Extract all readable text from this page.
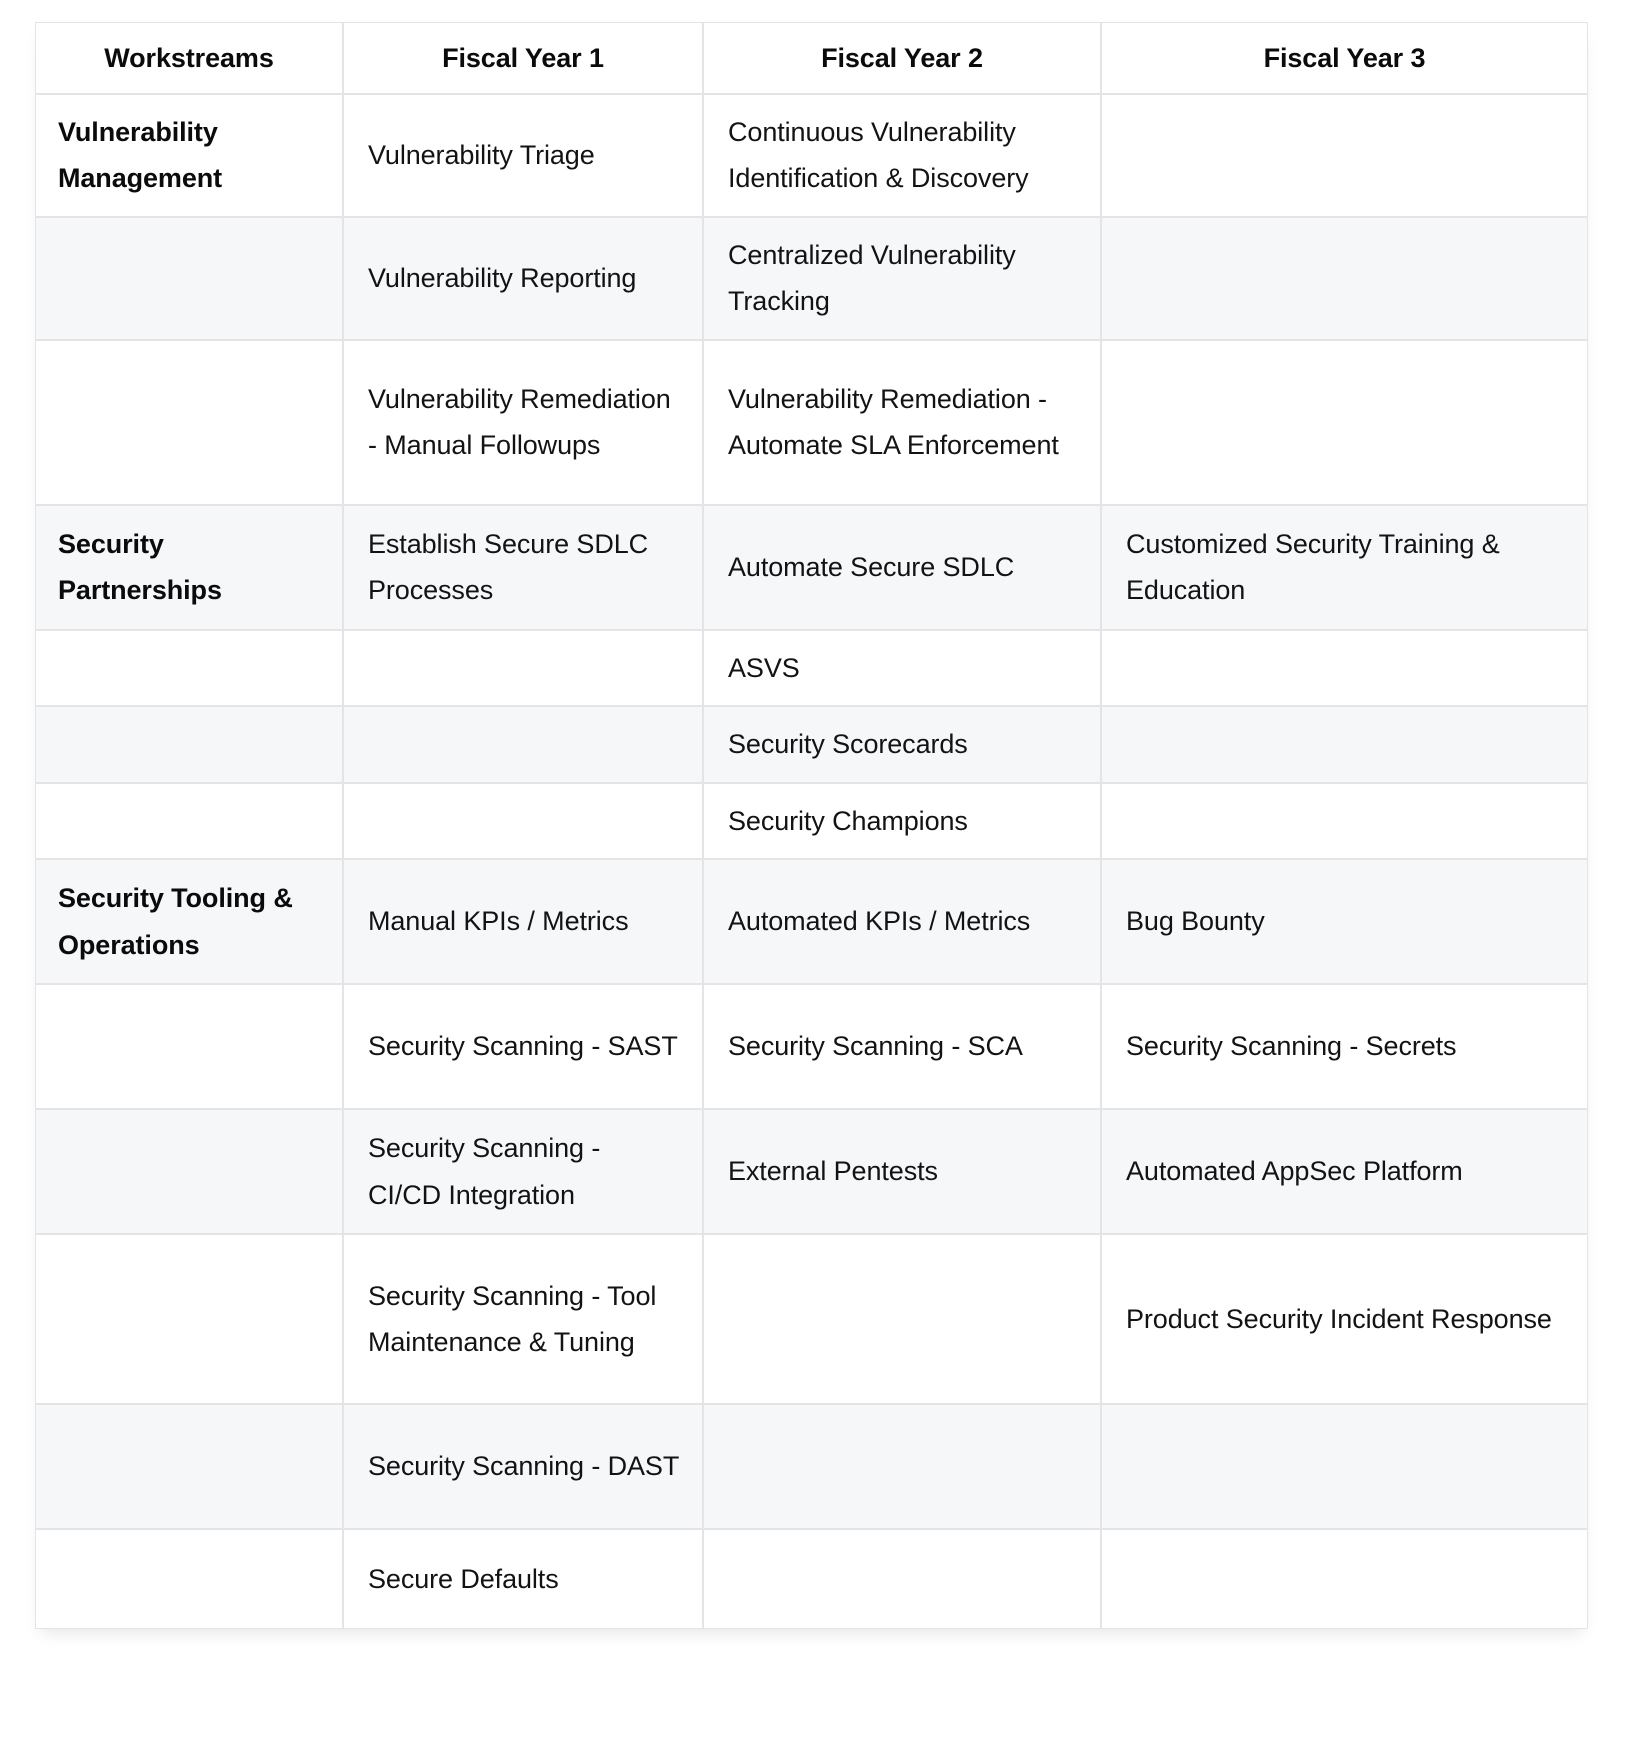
Workstreams	Fiscal Year 1	Fiscal Year 2	Fiscal Year 3
Vulnerability Management	Vulnerability Triage	Continuous Vulnerability Identification & Discovery	
	Vulnerability Reporting	Centralized Vulnerability Tracking	
	Vulnerability Remediation - Manual Followups	Vulnerability Remediation - Automate SLA Enforcement	
Security Partnerships	Establish Secure SDLC Processes	Automate Secure SDLC	Customized Security Training & Education
		ASVS	
		Security Scorecards	
		Security Champions	
Security Tooling & Operations	Manual KPIs / Metrics	Automated KPIs / Metrics	Bug Bounty
	Security Scanning - SAST	Security Scanning - SCA	Security Scanning - Secrets
	Security Scanning - CI/CD Integration	External Pentests	Automated AppSec Platform
	Security Scanning - Tool Maintenance & Tuning		Product Security Incident Response
	Security Scanning - DAST		
	Secure Defaults		
